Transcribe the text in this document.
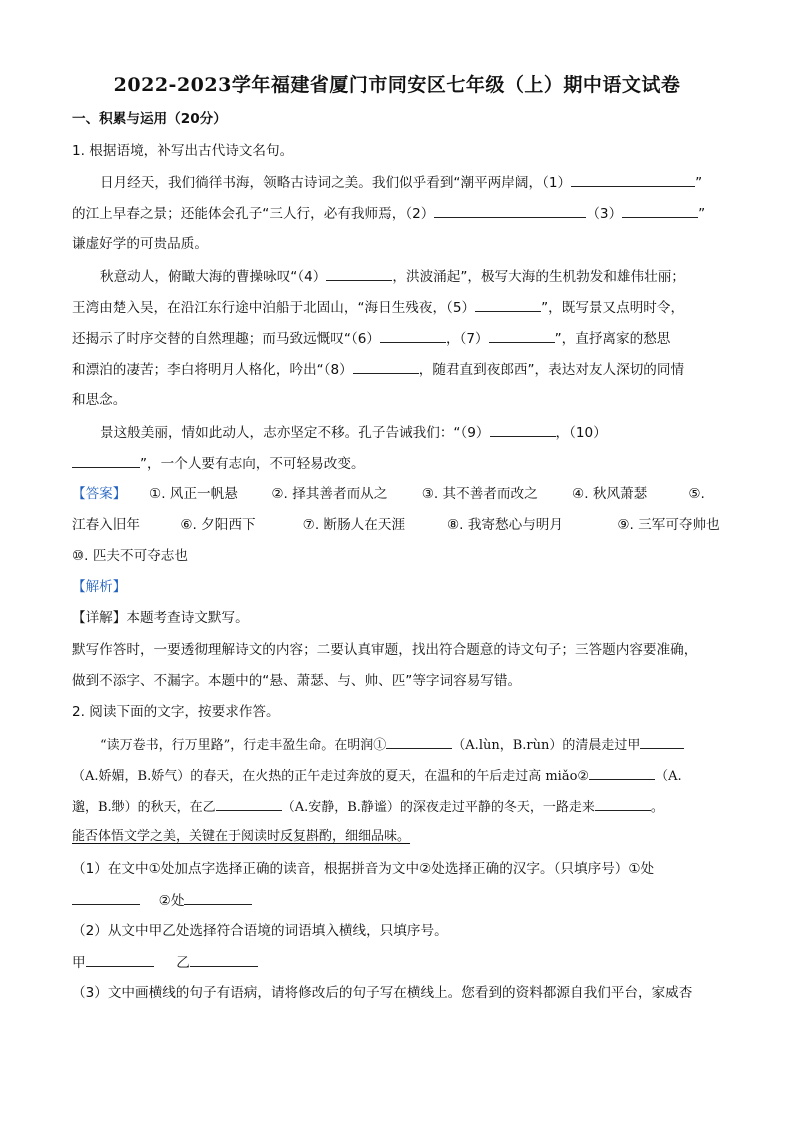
2022-2023学年福建省厦门市同安区七年级（上）期中语文试卷
一、积累与运用（20分）
1. 根据语境，补写出古代诗文名句。
日月经天，我们徜徉书海，领略古诗词之美。我们似乎看到“潮平两岸阔，（1）	”
的江上早春之景；还能体会孔子“三人行，必有我师焉，（2）	（3）	”
谦虚好学的可贵品质。
秋意动人，俯瞰大海的曹操咏叹“（4）	，洪波涌起”，极写大海的生机勃发和雄伟壮丽；
王湾由楚入吴，在沿江东行途中泊船于北固山，“海日生残夜，（5）	”，既写景又点明时令，
还揭示了时序交替的自然理趣；而马致远慨叹“（6）	，（7）	”，直抒离家的愁思
和漂泊的凄苦；李白将明月人格化，吟出“（8）	，随君直到夜郎西”，表达对友人深切的同情
和思念。
景这般美丽，情如此动人，志亦坚定不移。孔子告诫我们：“（9）	，（10）
”，一个人要有志向，不可轻易改变。
【答案】 ①. 风正一帆悬 ②. 择其善者而从之	③. 其不善者而改之	④. 秋风萧瑟	⑤.
江春入旧年	⑥. 夕阳西下	⑦. 断肠人在天涯	⑧. 我寄愁心与明月	⑨. 三军可夺帅也
⑩. 匹夫不可夺志也
【解析】
【详解】本题考查诗文默写。
默写作答时，一要透彻理解诗文的内容；二要认真审题，找出符合题意的诗文句子；三答题内容要准确，
做到不添字、不漏字。本题中的“悬、萧瑟、与、帅、匹”等字词容易写错。
2. 阅读下面的文字，按要求作答。
“读万卷书，行万里路”，行走丰盈生命。在明润①	（A.lùn，B.rùn）的清晨走过甲
（A.娇媚，B.娇气）的春天，在火热的正午走过奔放的夏天，在温和的午后走过高 miǎo②	（A.
邈，B.缈）的秋天，在乙	（A.安静，B.静谧）的深夜走过平静的冬天，一路走来	。
能否体悟文学之美，关键在于阅读时反复斟酌，细细品味。
（1）在文中①处加点字选择正确的读音，根据拼音为文中②处选择正确的汉字。（只填序号）①处
②处
（2）从文中甲乙处选择符合语境的词语填入横线，只填序号。
甲	乙
（3）文中画横线的句子有语病，请将修改后的句子写在横线上。您看到的资料都源自我们平台，家威杏
